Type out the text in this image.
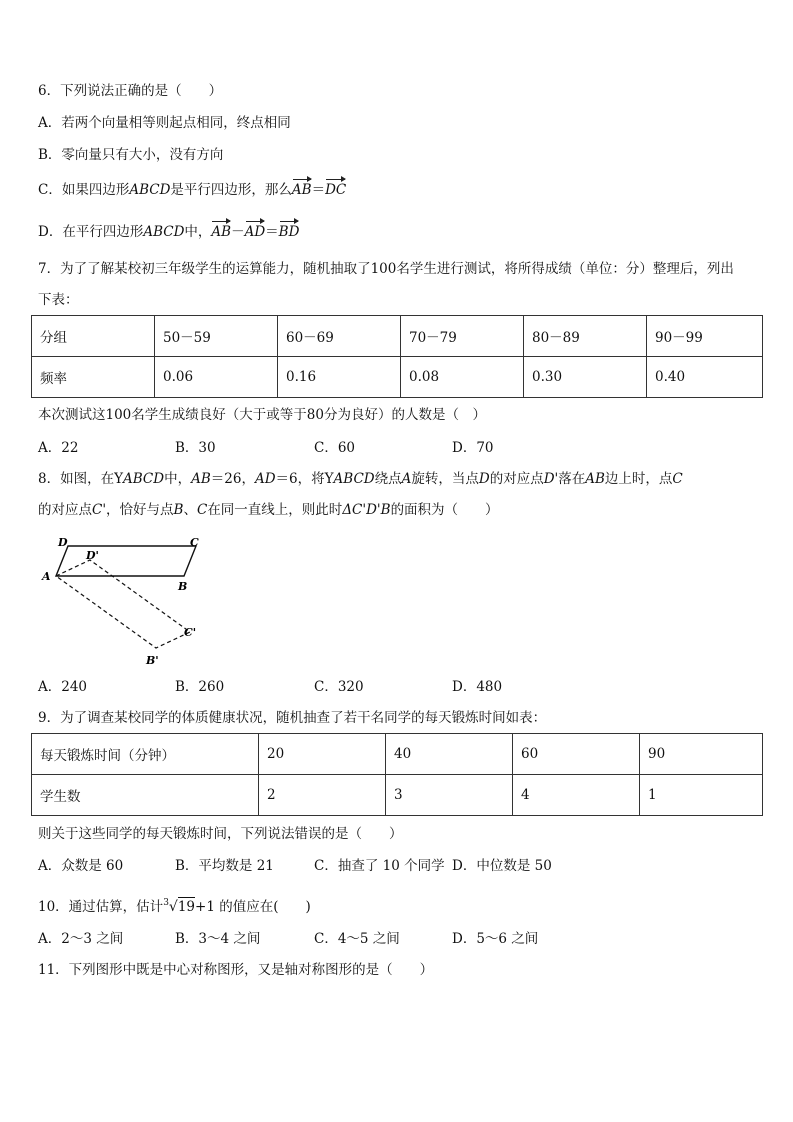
6．下列说法正确的是（　　）
A．若两个向量相等则起点相同，终点相同
B．零向量只有大小，没有方向
C．如果四边形ABCD是平行四边形，那么AB＝DC
D．在平行四边形ABCD中，AB－AD＝BD
7．为了了解某校初三年级学生的运算能力，随机抽取了100名学生进行测试，将所得成绩（单位：分）整理后，列出
下表：
分组	50－59	60－69	70－79	80－89	90－99
频率	0.06	0.16	0.08	0.30	0.40
本次测试这100名学生成绩良好（大于或等于80分为良好）的人数是（　）
A．22	B．30	C．60	D．70
8．如图，在YABCD中，AB＝26，AD＝6，将YABCD绕点A旋转，当点D的对应点D'落在AB边上时，点C
的对应点C'，恰好与点B、C在同一直线上，则此时ΔC'D'B的面积为（　　）
D
D'
C
A
B
C'
B'
A．240	B．260	C．320	D．480
9．为了调查某校同学的体质健康状况，随机抽查了若干名同学的每天锻炼时间如表：
每天锻炼时间（分钟）	20	40	60	90
学生数	2	3	4	1
则关于这些同学的每天锻炼时间，下列说法错误的是（　　）
A．众数是 60	B．平均数是 21	C．抽查了 10 个同学 D．中位数是 50
10．通过估算，估计$^3$√19+1 的值应在(　　)
A．2～3 之间	B．3～4 之间	C．4～5 之间	D．5～6 之间
11．下列图形中既是中心对称图形，又是轴对称图形的是（　　）
